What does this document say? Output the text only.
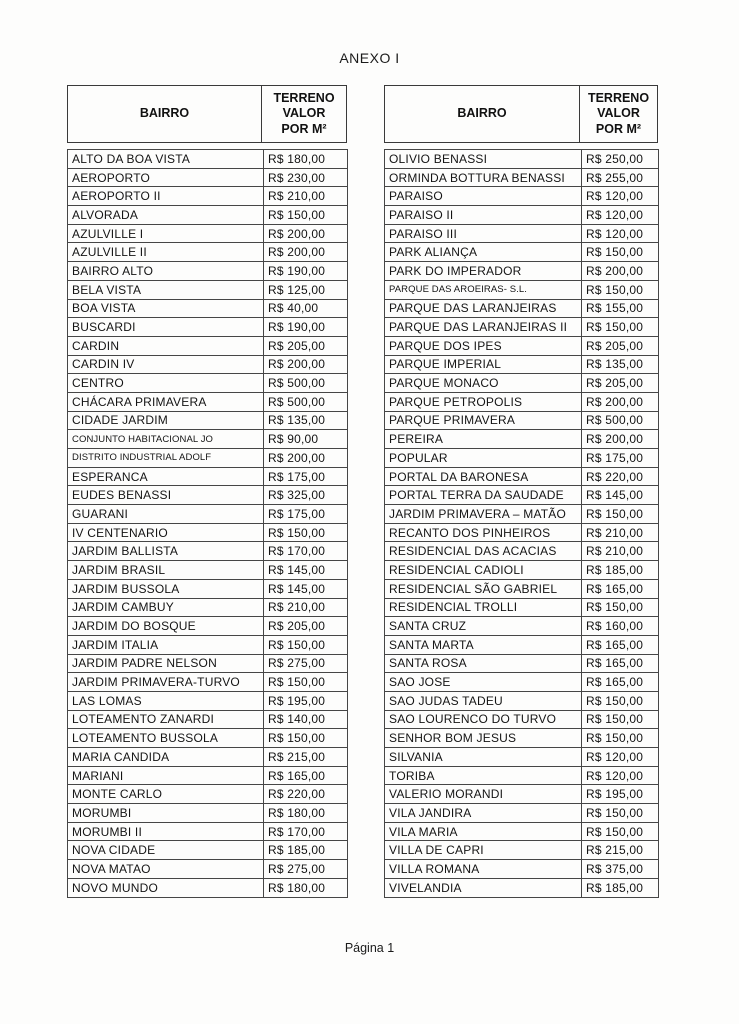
ANEXO I
BAIRRO
TERRENO VALOR POR M²
ALTO DA BOA VISTA	R$ 180,00
AEROPORTO	R$ 230,00
AEROPORTO II	R$ 210,00
ALVORADA	R$ 150,00
AZULVILLE I	R$ 200,00
AZULVILLE II	R$ 200,00
BAIRRO ALTO	R$ 190,00
BELA VISTA	R$ 125,00
BOA VISTA	R$ 40,00
BUSCARDI	R$ 190,00
CARDIN	R$ 205,00
CARDIN IV	R$ 200,00
CENTRO	R$ 500,00
CHÁCARA PRIMAVERA	R$ 500,00
CIDADE JARDIM	R$ 135,00
CONJUNTO HABITACIONAL JO	R$ 90,00
DISTRITO INDUSTRIAL ADOLF	R$ 200,00
ESPERANCA	R$ 175,00
EUDES BENASSI	R$ 325,00
GUARANI	R$ 175,00
IV CENTENARIO	R$ 150,00
JARDIM BALLISTA	R$ 170,00
JARDIM BRASIL	R$ 145,00
JARDIM BUSSOLA	R$ 145,00
JARDIM CAMBUY	R$ 210,00
JARDIM DO BOSQUE	R$ 205,00
JARDIM ITALIA	R$ 150,00
JARDIM PADRE NELSON	R$ 275,00
JARDIM PRIMAVERA-TURVO	R$ 150,00
LAS LOMAS	R$ 195,00
LOTEAMENTO ZANARDI	R$ 140,00
LOTEAMENTO BUSSOLA	R$ 150,00
MARIA CANDIDA	R$ 215,00
MARIANI	R$ 165,00
MONTE CARLO	R$ 220,00
MORUMBI	R$ 180,00
MORUMBI II	R$ 170,00
NOVA CIDADE	R$ 185,00
NOVA MATAO	R$ 275,00
NOVO MUNDO	R$ 180,00
BAIRRO
TERRENO VALOR POR M²
OLIVIO BENASSI	R$ 250,00
ORMINDA BOTTURA BENASSI	R$ 255,00
PARAISO	R$ 120,00
PARAISO II	R$ 120,00
PARAISO III	R$ 120,00
PARK ALIANÇA	R$ 150,00
PARK DO IMPERADOR	R$ 200,00
PARQUE DAS AROEIRAS- S.L.	R$ 150,00
PARQUE DAS LARANJEIRAS	R$ 155,00
PARQUE DAS LARANJEIRAS II	R$ 150,00
PARQUE DOS IPES	R$ 205,00
PARQUE IMPERIAL	R$ 135,00
PARQUE MONACO	R$ 205,00
PARQUE PETROPOLIS	R$ 200,00
PARQUE PRIMAVERA	R$ 500,00
PEREIRA	R$ 200,00
POPULAR	R$ 175,00
PORTAL DA BARONESA	R$ 220,00
PORTAL TERRA DA SAUDADE	R$ 145,00
JARDIM PRIMAVERA – MATÃO	R$ 150,00
RECANTO DOS PINHEIROS	R$ 210,00
RESIDENCIAL DAS ACACIAS	R$ 210,00
RESIDENCIAL CADIOLI	R$ 185,00
RESIDENCIAL SÃO GABRIEL	R$ 165,00
RESIDENCIAL TROLLI	R$ 150,00
SANTA CRUZ	R$ 160,00
SANTA MARTA	R$ 165,00
SANTA ROSA	R$ 165,00
SAO JOSE	R$ 165,00
SAO JUDAS TADEU	R$ 150,00
SAO LOURENCO DO TURVO	R$ 150,00
SENHOR BOM JESUS	R$ 150,00
SILVANIA	R$ 120,00
TORIBA	R$ 120,00
VALERIO MORANDI	R$ 195,00
VILA JANDIRA	R$ 150,00
VILA MARIA	R$ 150,00
VILLA DE CAPRI	R$ 215,00
VILLA ROMANA	R$ 375,00
VIVELANDIA	R$ 185,00
Página 1
